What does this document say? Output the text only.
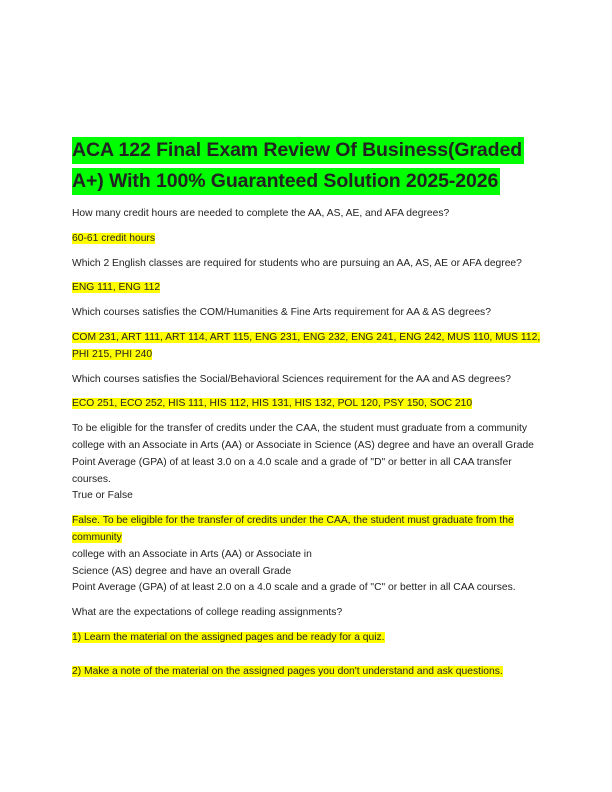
ACA 122 Final Exam Review Of Business(Graded
A+) With 100% Guaranteed Solution 2025-2026

How many credit hours are needed to complete the AA, AS, AE, and AFA degrees?

60-61 credit hours

Which 2 English classes are required for students who are pursuing an AA, AS, AE or AFA degree?

ENG 111, ENG 112

Which courses satisfies the COM/Humanities & Fine Arts requirement for AA & AS degrees?

COM 231, ART 111, ART 114, ART 115, ENG 231, ENG 232, ENG 241, ENG 242, MUS 110, MUS 112, PHI 215, PHI 240

Which courses satisfies the Social/Behavioral Sciences requirement for the AA and AS degrees?

ECO 251, ECO 252, HIS 111, HIS 112, HIS 131, HIS 132, POL 120, PSY 150, SOC 210

To be eligible for the transfer of credits under the CAA, the student must graduate from a community college with an Associate in Arts (AA) or Associate in Science (AS) degree and have an overall Grade
Point Average (GPA) of at least 3.0 on a 4.0 scale and a grade of "D" or better in all CAA transfer courses.
True or False

False. To be eligible for the transfer of credits under the CAA, the student must graduate from the community
college with an Associate in Arts (AA) or Associate in
Science (AS) degree and have an overall Grade
Point Average (GPA) of at least 2.0 on a 4.0 scale and a grade of "C" or better in all CAA courses.

What are the expectations of college reading assignments?

1) Learn the material on the assigned pages and be ready for a quiz.

2) Make a note of the material on the assigned pages you don't understand and ask questions.
